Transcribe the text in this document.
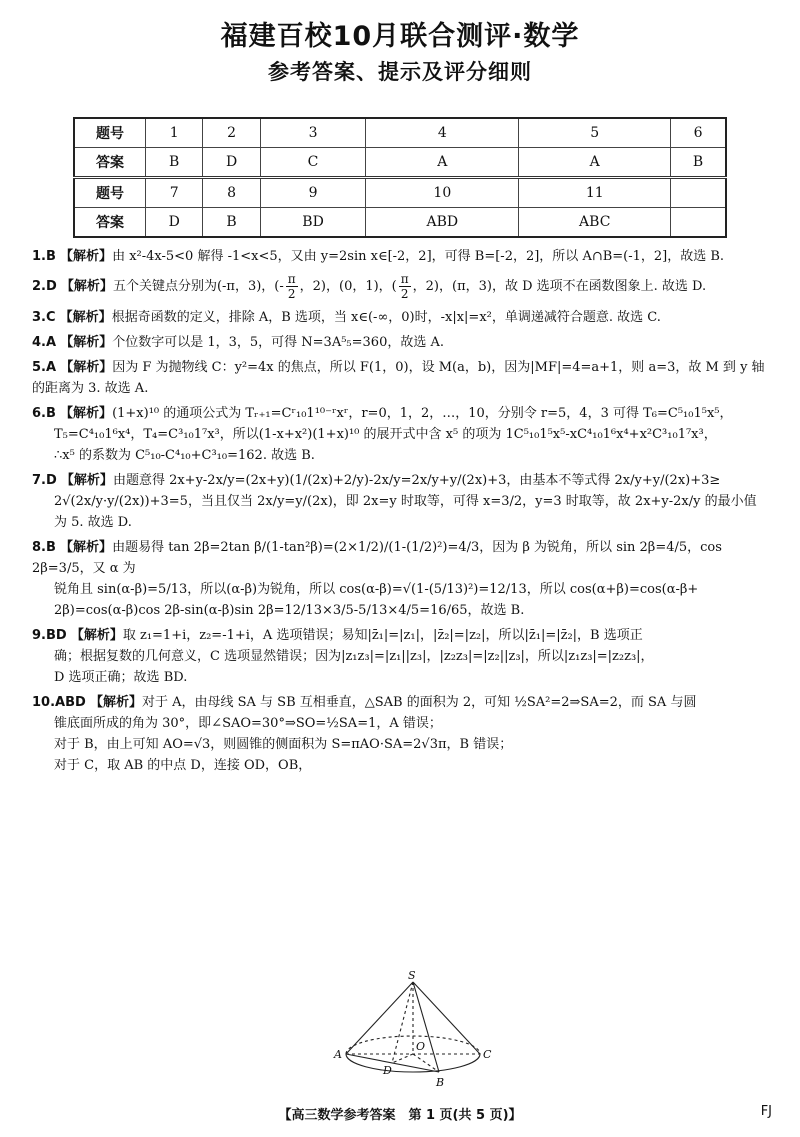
福建百校10月联合测评·数学
参考答案、提示及评分细则
题号	1	2	3	4	5	6
答案	B	D	C	A	A	B
题号	7	8	9	10	11	
答案	D	B	BD	ABD	ABC	
1.B 【解析】由 x²-4x-5<0 解得 -1<x<5，又由 y=2sin x∈[-2，2]，可得 B=[-2，2]，所以 A∩B=(-1，2]，故选 B.
2.D 【解析】五个关键点分别为(-π，3)，(- $\frac{\pi}{2}$ ，2)，(0，1)，( $\frac{\pi}{2}$ ，2)，(π，3)，故 D 选项不在函数图象上. 故选 D.
3.C 【解析】根据奇函数的定义，排除 A，B 选项，当 x∈(-∞，0)时，-x|x|=x²，单调递减符合题意. 故选 C.
4.A 【解析】个位数字可以是 1，3，5，可得 N=3A⁵₅=360，故选 A.
5.A 【解析】因为 F 为抛物线 C：y²=4x 的焦点，所以 F(1，0)，设 M(a，b)，因为|MF|=4=a+1，则 a=3，故 M 到 y 轴的距离为 3. 故选 A.
6.B 【解析】(1+x)¹⁰ 的通项公式为 Tᵣ₊₁=Cʳ₁₀1¹⁰⁻ʳxʳ，r=0，1，2，…，10，分别令 r=5，4，3 可得 T₆=C⁵₁₀1⁵x⁵，
T₅=C⁴₁₀1⁶x⁴，T₄=C³₁₀1⁷x³，所以(1-x+x²)(1+x)¹⁰ 的展开式中含 x⁵ 的项为 1C⁵₁₀1⁵x⁵-xC⁴₁₀1⁶x⁴+x²C³₁₀1⁷x³，
∴x⁵ 的系数为 C⁵₁₀-C⁴₁₀+C³₁₀=162. 故选 B.
7.D 【解析】由题意得 2x+y-2x/y=(2x+y)(1/(2x)+2/y)-2x/y=2x/y+y/(2x)+3，由基本不等式得 2x/y+y/(2x)+3≥
2√(2x/y·y/(2x))+3=5，当且仅当 2x/y=y/(2x)，即 2x=y 时取等，可得 x=3/2，y=3 时取等，故 2x+y-2x/y 的最小值
为 5. 故选 D.
8.B 【解析】由题易得 tan 2β=2tan β/(1-tan²β)=(2×1/2)/(1-(1/2)²)=4/3，因为 β 为锐角，所以 sin 2β=4/5，cos 2β=3/5，又 α 为
锐角且 sin(α-β)=5/13，所以(α-β)为锐角，所以 cos(α-β)=√(1-(5/13)²)=12/13，所以 cos(α+β)=cos(α-β+
2β)=cos(α-β)cos 2β-sin(α-β)sin 2β=12/13×3/5-5/13×4/5=16/65，故选 B.
9.BD 【解析】取 z₁=1+i，z₂=-1+i，A 选项错误；易知|z̄₁|=|z₁|，|z̄₂|=|z₂|，所以|z̄₁|=|z̄₂|，B 选项正
确；根据复数的几何意义，C 选项显然错误；因为|z₁z₃|=|z₁||z₃|，|z₂z₃|=|z₂||z₃|，所以|z₁z₃|=|z₂z₃|，
D 选项正确；故选 BD.
10.ABD 【解析】对于 A，由母线 SA 与 SB 互相垂直，△SAB 的面积为 2，可知 ½SA²=2⇒SA=2，而 SA 与圆
锥底面所成的角为 30°，即∠SAO=30°⇒SO=½SA=1，A 错误；
对于 B，由上可知 AO=√3，则圆锥的侧面积为 S=πAO·SA=2√3π，B 错误；
对于 C，取 AB 的中点 D，连接 OD，OB，
S
A	C
B
D
O
【高三数学参考答案　第 1 页(共 5 页)】	FJ
